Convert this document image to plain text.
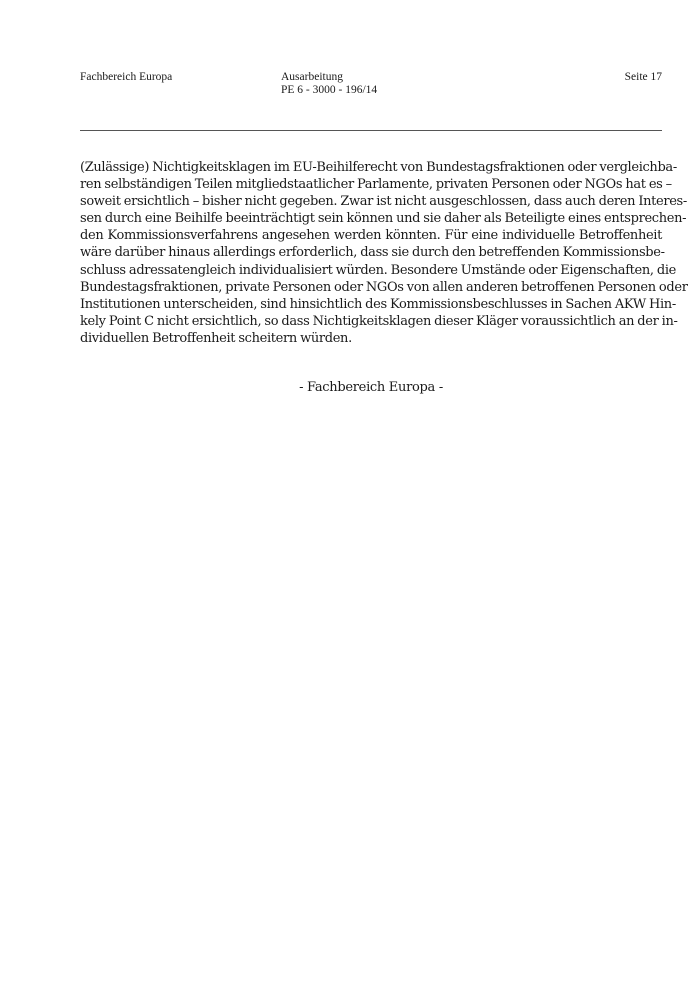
Fachbereich Europa	Ausarbeitung
PE 6 - 3000 - 196/14
Seite 17
(Zulässige) Nichtigkeitsklagen im EU-Beihilferecht von Bundestagsfraktionen oder vergleichba-
ren selbständigen Teilen mitgliedstaatlicher Parlamente, privaten Personen oder NGOs hat es –
soweit ersichtlich – bisher nicht gegeben. Zwar ist nicht ausgeschlossen, dass auch deren Interes-
sen durch eine Beihilfe beeinträchtigt sein können und sie daher als Beteiligte eines entsprechen-
den Kommissionsverfahrens angesehen werden könnten. Für eine individuelle Betroffenheit
wäre darüber hinaus allerdings erforderlich, dass sie durch den betreffenden Kommissionsbe-
schluss adressatengleich individualisiert würden. Besondere Umstände oder Eigenschaften, die
Bundestagsfraktionen, private Personen oder NGOs von allen anderen betroffenen Personen oder
Institutionen unterscheiden, sind hinsichtlich des Kommissionsbeschlusses in Sachen AKW Hin-
kely Point C nicht ersichtlich, so dass Nichtigkeitsklagen dieser Kläger voraussichtlich an der in-
dividuellen Betroffenheit scheitern würden.
- Fachbereich Europa -
